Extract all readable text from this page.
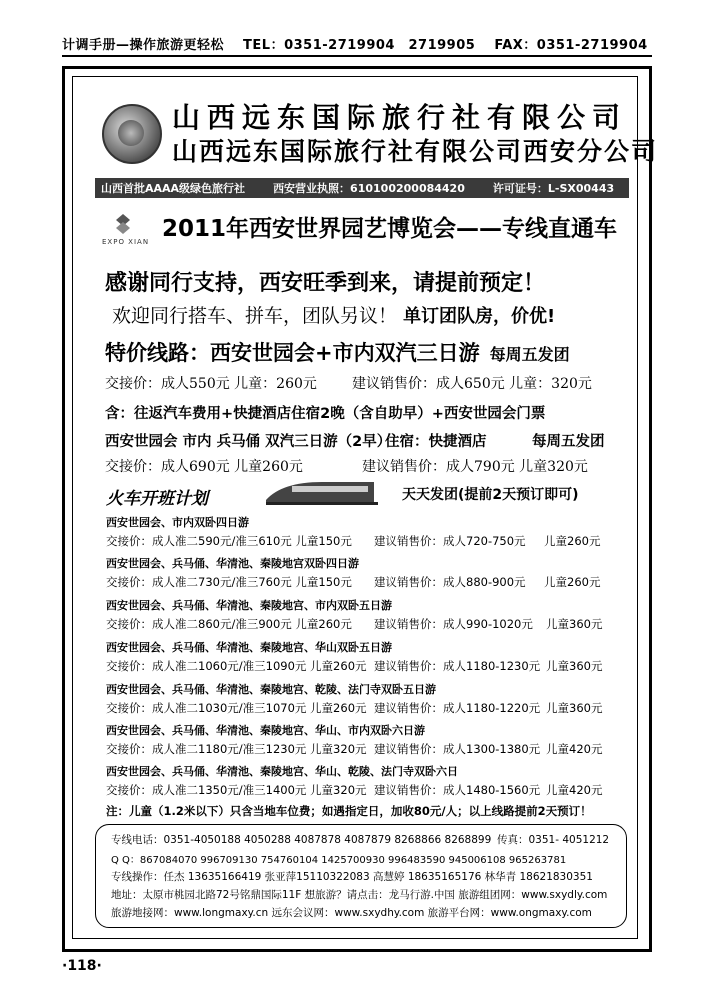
计调手册—操作旅游更轻松 TEL：0351-2719904　2719905 FAX：0351-2719904
山西远东国际旅行社有限公司
山西远东国际旅行社有限公司西安分公司
山西首批AAAA级绿色旅行社	西安营业执照：610100200084420	许可证号：L-SX00443
EXPO XIAN 2011年西安世界园艺博览会——专线直通车
感谢同行支持，西安旺季到来，请提前预定！
欢迎同行搭车、拼车，团队另议！ 单订团队房，价优!
特价线路：西安世园会+市内双汽三日游 每周五发团
交接价：成人550元 儿童：260元	建议销售价：成人650元 儿童：320元
含：往返汽车费用+快捷酒店住宿2晚（含自助早）+西安世园会门票
西安世园会 市内 兵马俑 双汽三日游（2早）
住宿：快捷酒店	每周五发团
交接价：成人690元 儿童260元	建议销售价：成人790元 儿童320元
火车开班计划	天天发团(提前2天预订即可)
西安世园会、市内双卧四日游
交接价：成人准二590元/准三610元 儿童150元 建议销售价：成人720-750元 儿童260元
西安世园会、兵马俑、华清池、秦陵地宫双卧四日游
交接价：成人准二730元/准三760元 儿童150元 建议销售价：成人880-900元 儿童260元
西安世园会、兵马俑、华清池、秦陵地宫、市内双卧五日游
交接价：成人准二860元/准三900元 儿童260元 建议销售价：成人990-1020元 儿童360元
西安世园会、兵马俑、华清池、秦陵地宫、华山双卧五日游
交接价：成人准二1060元/准三1090元 儿童260元 建议销售价：成人1180-1230元 儿童360元
西安世园会、兵马俑、华清池、秦陵地宫、乾陵、法门寺双卧五日游
交接价：成人准二1030元/准三1070元 儿童260元 建议销售价：成人1180-1220元 儿童360元
西安世园会、兵马俑、华清池、秦陵地宫、华山、市内双卧六日游
交接价：成人准二1180元/准三1230元 儿童320元 建议销售价：成人1300-1380元 儿童420元
西安世园会、兵马俑、华清池、秦陵地宫、华山、乾陵、法门寺双卧六日
交接价：成人准二1350元/准三1400元 儿童320元 建议销售价：成人1480-1560元 儿童420元
注：儿童（1.2米以下）只含当地车位费；如遇指定日，加收80元/人；以上线路提前2天预订！
专线电话：0351-4050188 4050288 4087878 4087879 8268866 8268899 传真：0351- 4051212
Q Q：867084070 996709130 754760104 1425700930 996483590 945006108 965263781
专线操作：任杰 13635166419 张亚萍15110322083 高慧婷 18635165176 林华青 18621830351
地址：太原市桃园北路72号铭鼎国际11F 想旅游？请点击：龙马行游.中国 旅游组团网：www.sxydly.com
旅游地接网：www.longmaxy.cn 远东会议网：www.sxydhy.com 旅游平台网：www.ongmaxy.com
·118·
